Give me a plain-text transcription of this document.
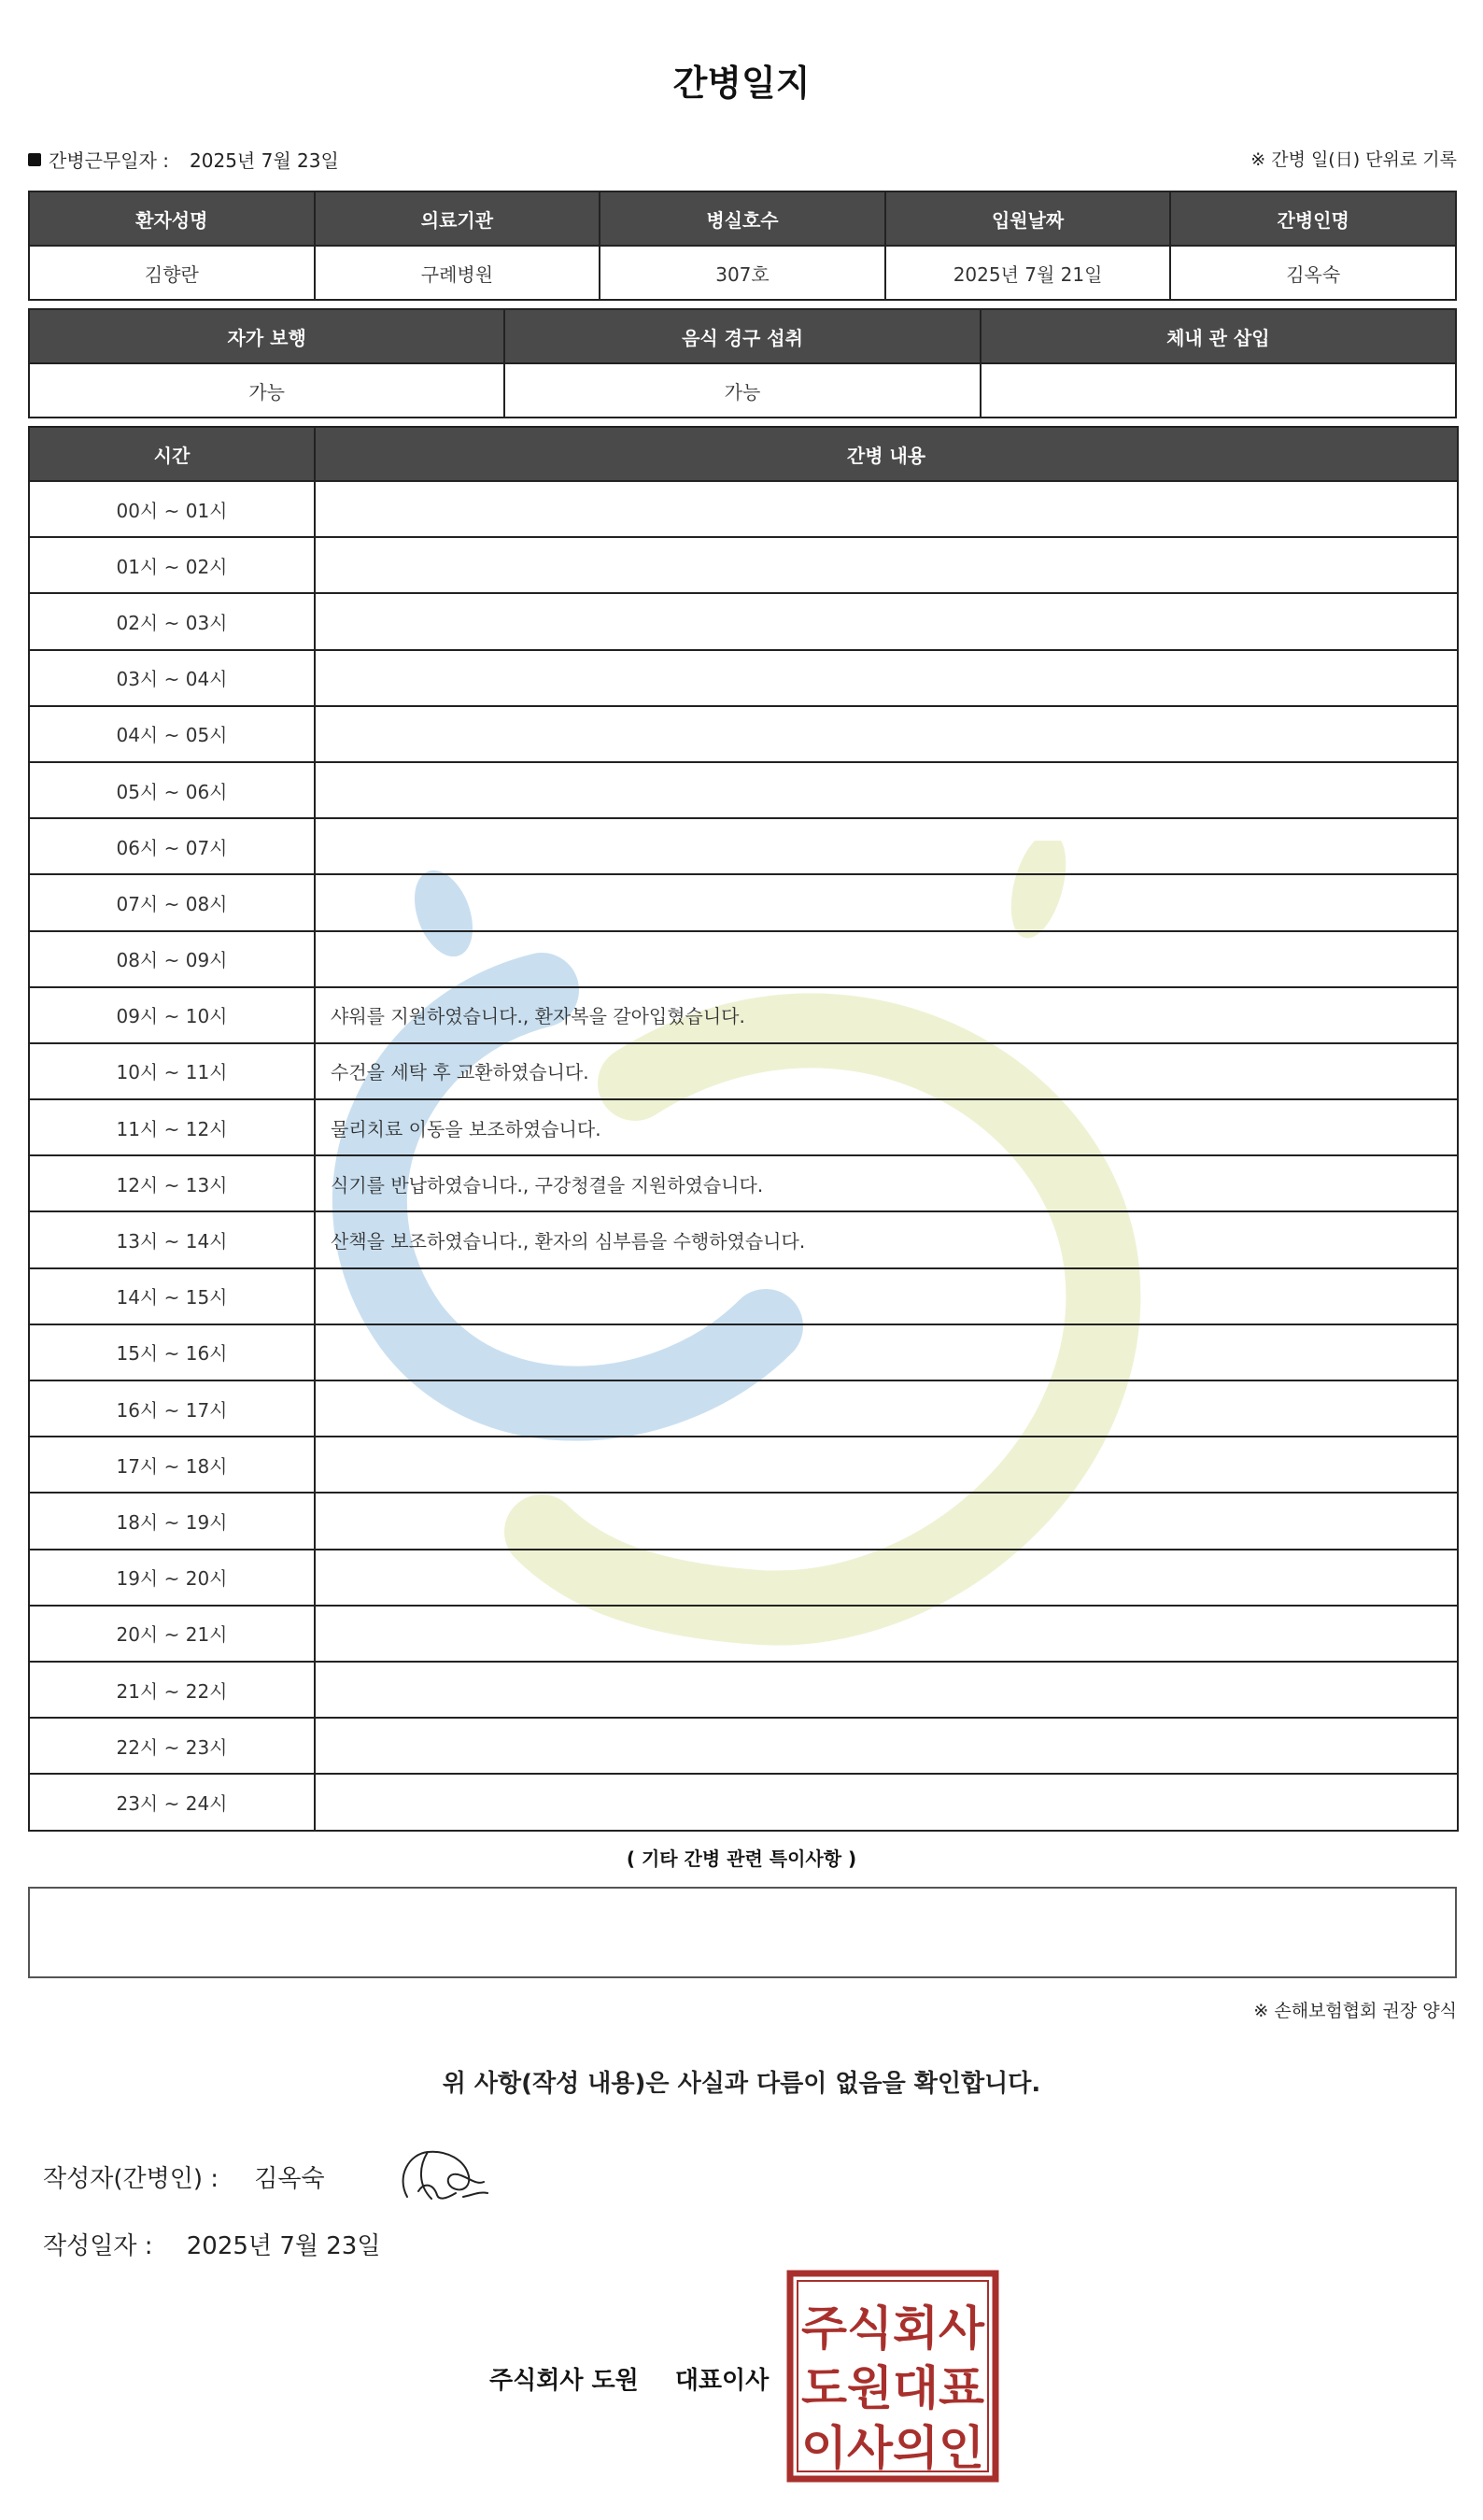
간병일지
간병근무일자 : 2025년 7월 23일	※ 간병 일(日) 단위로 기록
환자성명	의료기관	병실호수	입원날짜	간병인명
김향란	구례병원	307호	2025년 7월 21일	김옥숙
자가 보행	음식 경구 섭취	체내 관 삽입
가능	가능	
시간	간병 내용
00시 ~ 01시	
01시 ~ 02시	
02시 ~ 03시	
03시 ~ 04시	
04시 ~ 05시	
05시 ~ 06시	
06시 ~ 07시	
07시 ~ 08시	
08시 ~ 09시	
09시 ~ 10시	샤워를 지원하였습니다., 환자복을 갈아입혔습니다.
10시 ~ 11시	수건을 세탁 후 교환하였습니다.
11시 ~ 12시	물리치료 이동을 보조하였습니다.
12시 ~ 13시	식기를 반납하였습니다., 구강청결을 지원하였습니다.
13시 ~ 14시	산책을 보조하였습니다., 환자의 심부름을 수행하였습니다.
14시 ~ 15시	
15시 ~ 16시	
16시 ~ 17시	
17시 ~ 18시	
18시 ~ 19시	
19시 ~ 20시	
20시 ~ 21시	
21시 ~ 22시	
22시 ~ 23시	
23시 ~ 24시	
( 기타 간병 관련 특이사항 )
※ 손해보험협회 권장 양식
위 사항(작성 내용)은 사실과 다름이 없음을 확인합니다.
작성자(간병인) : 김옥숙
작성일자 : 2025년 7월 23일
주식회사 도원 대표이사
주식회사
도원대표
이사의인
